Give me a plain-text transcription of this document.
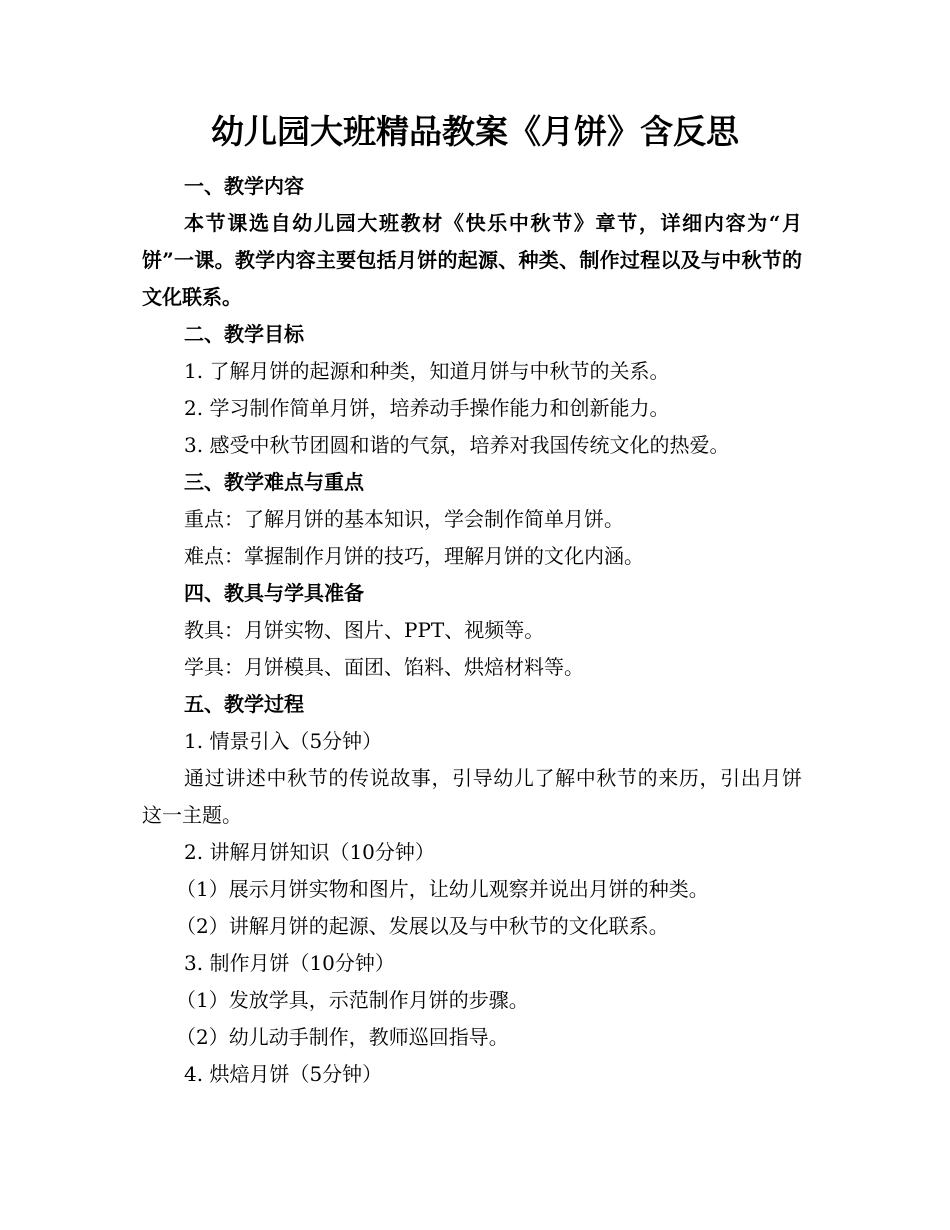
幼儿园大班精品教案《月饼》含反思

一、教学内容

本节课选自幼儿园大班教材《快乐中秋节》章节，详细内容为“月饼”一课。教学内容主要包括月饼的起源、种类、制作过程以及与中秋节的文化联系。

二、教学目标

1. 了解月饼的起源和种类，知道月饼与中秋节的关系。

2. 学习制作简单月饼，培养动手操作能力和创新能力。

3. 感受中秋节团圆和谐的气氛，培养对我国传统文化的热爱。

三、教学难点与重点

重点：了解月饼的基本知识，学会制作简单月饼。

难点：掌握制作月饼的技巧，理解月饼的文化内涵。

四、教具与学具准备

教具：月饼实物、图片、PPT、视频等。

学具：月饼模具、面团、馅料、烘焙材料等。

五、教学过程

1. 情景引入（5分钟）

通过讲述中秋节的传说故事，引导幼儿了解中秋节的来历，引出月饼这一主题。

2. 讲解月饼知识（10分钟）

（1）展示月饼实物和图片，让幼儿观察并说出月饼的种类。

（2）讲解月饼的起源、发展以及与中秋节的文化联系。

3. 制作月饼（10分钟）

（1）发放学具，示范制作月饼的步骤。

（2）幼儿动手制作，教师巡回指导。

4. 烘焙月饼（5分钟）
